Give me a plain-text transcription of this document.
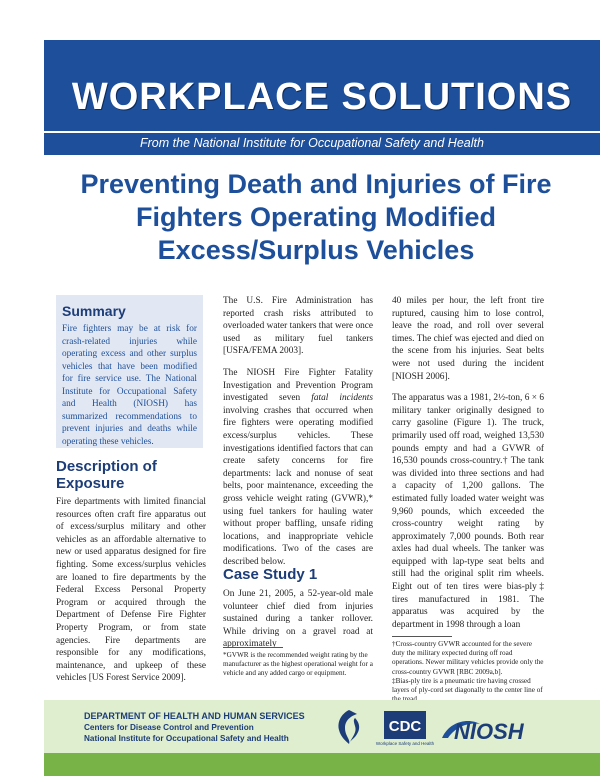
WORKPLACE SOLUTIONS
From the National Institute for Occupational Safety and Health
Preventing Death and Injuries of Fire Fighters Operating Modified Excess/Surplus Vehicles
Summary

Fire fighters may be at risk for crash-related injuries while operating excess and other surplus vehicles that have been modified for fire service use. The National Institute for Occupational Safety and Health (NIOSH) has summarized recommendations to prevent injuries and deaths while operating these vehicles.

Description of Exposure

Fire departments with limited financial resources often craft fire apparatus out of excess/surplus military and other vehicles as an affordable alternative to new or used apparatus designed for fire fighting. Some excess/surplus vehicles are loaned to fire departments by the Federal Excess Personal Property Program or acquired through the Department of Defense Fire Fighter Property Program, or from state agencies. Fire departments are responsible for any modifications, maintenance, and upkeep of these vehicles [US Forest Service 2009].

The U.S. Fire Administration has reported crash risks attributed to overloaded water tankers that were once used as military fuel tankers [USFA/FEMA 2003].

The NIOSH Fire Fighter Fatality Investigation and Prevention Program investigated seven fatal incidents involving crashes that occurred when fire fighters were operating modified excess/surplus vehicles. These investigations identified factors that can create safety concerns for fire departments: lack and nonuse of seat belts, poor maintenance, exceeding the gross vehicle weight rating (GVWR),* using fuel tankers for hauling water without proper baffling, unsafe riding locations, and inappropriate vehicle modifications. Two of the cases are described below.

Case Study 1

On June 21, 2005, a 52-year-old male volunteer chief died from injuries sustained during a tanker rollover. While driving on a gravel road at approximately

*GVWR is the recommended weight rating by the manufacturer as the highest operational weight for a vehicle and any added cargo or equipment.

40 miles per hour, the left front tire ruptured, causing him to lose control, leave the road, and roll over several times. The chief was ejected and died on the scene from his injuries. Seat belts were not used during the incident [NIOSH 2006].

The apparatus was a 1981, 2½-ton, 6 × 6 military tanker originally designed to carry gasoline (Figure 1). The truck, primarily used off road, weighed 13,530 pounds empty and had a GVWR of 16,530 pounds cross-country.† The tank was divided into three sections and had a capacity of 1,200 gallons. The estimated fully loaded water weight was 9,960 pounds, which exceeded the cross-country weight rating by approximately 7,000 pounds. Both rear axles had dual wheels. The tanker was equipped with lap-type seat belts and still had the original split rim wheels. Eight out of ten tires were bias-ply‡ tires manufactured in 1981. The apparatus was acquired by the department in 1998 through a loan

†Cross-country GVWR accounted for the severe duty the military expected during off road operations. Newer military vehicles provide only the cross-country GVWR [RBC 2009a,b].

‡Bias-ply tire is a pneumatic tire having crossed layers of ply-cord set diagonally to the center line of

DEPARTMENT OF HEALTH AND HUMAN SERVICES
Centers for Disease Control and Prevention
National Institute for Occupational Safety and Health
CDC
Workplace Safety and Health NIOSH
